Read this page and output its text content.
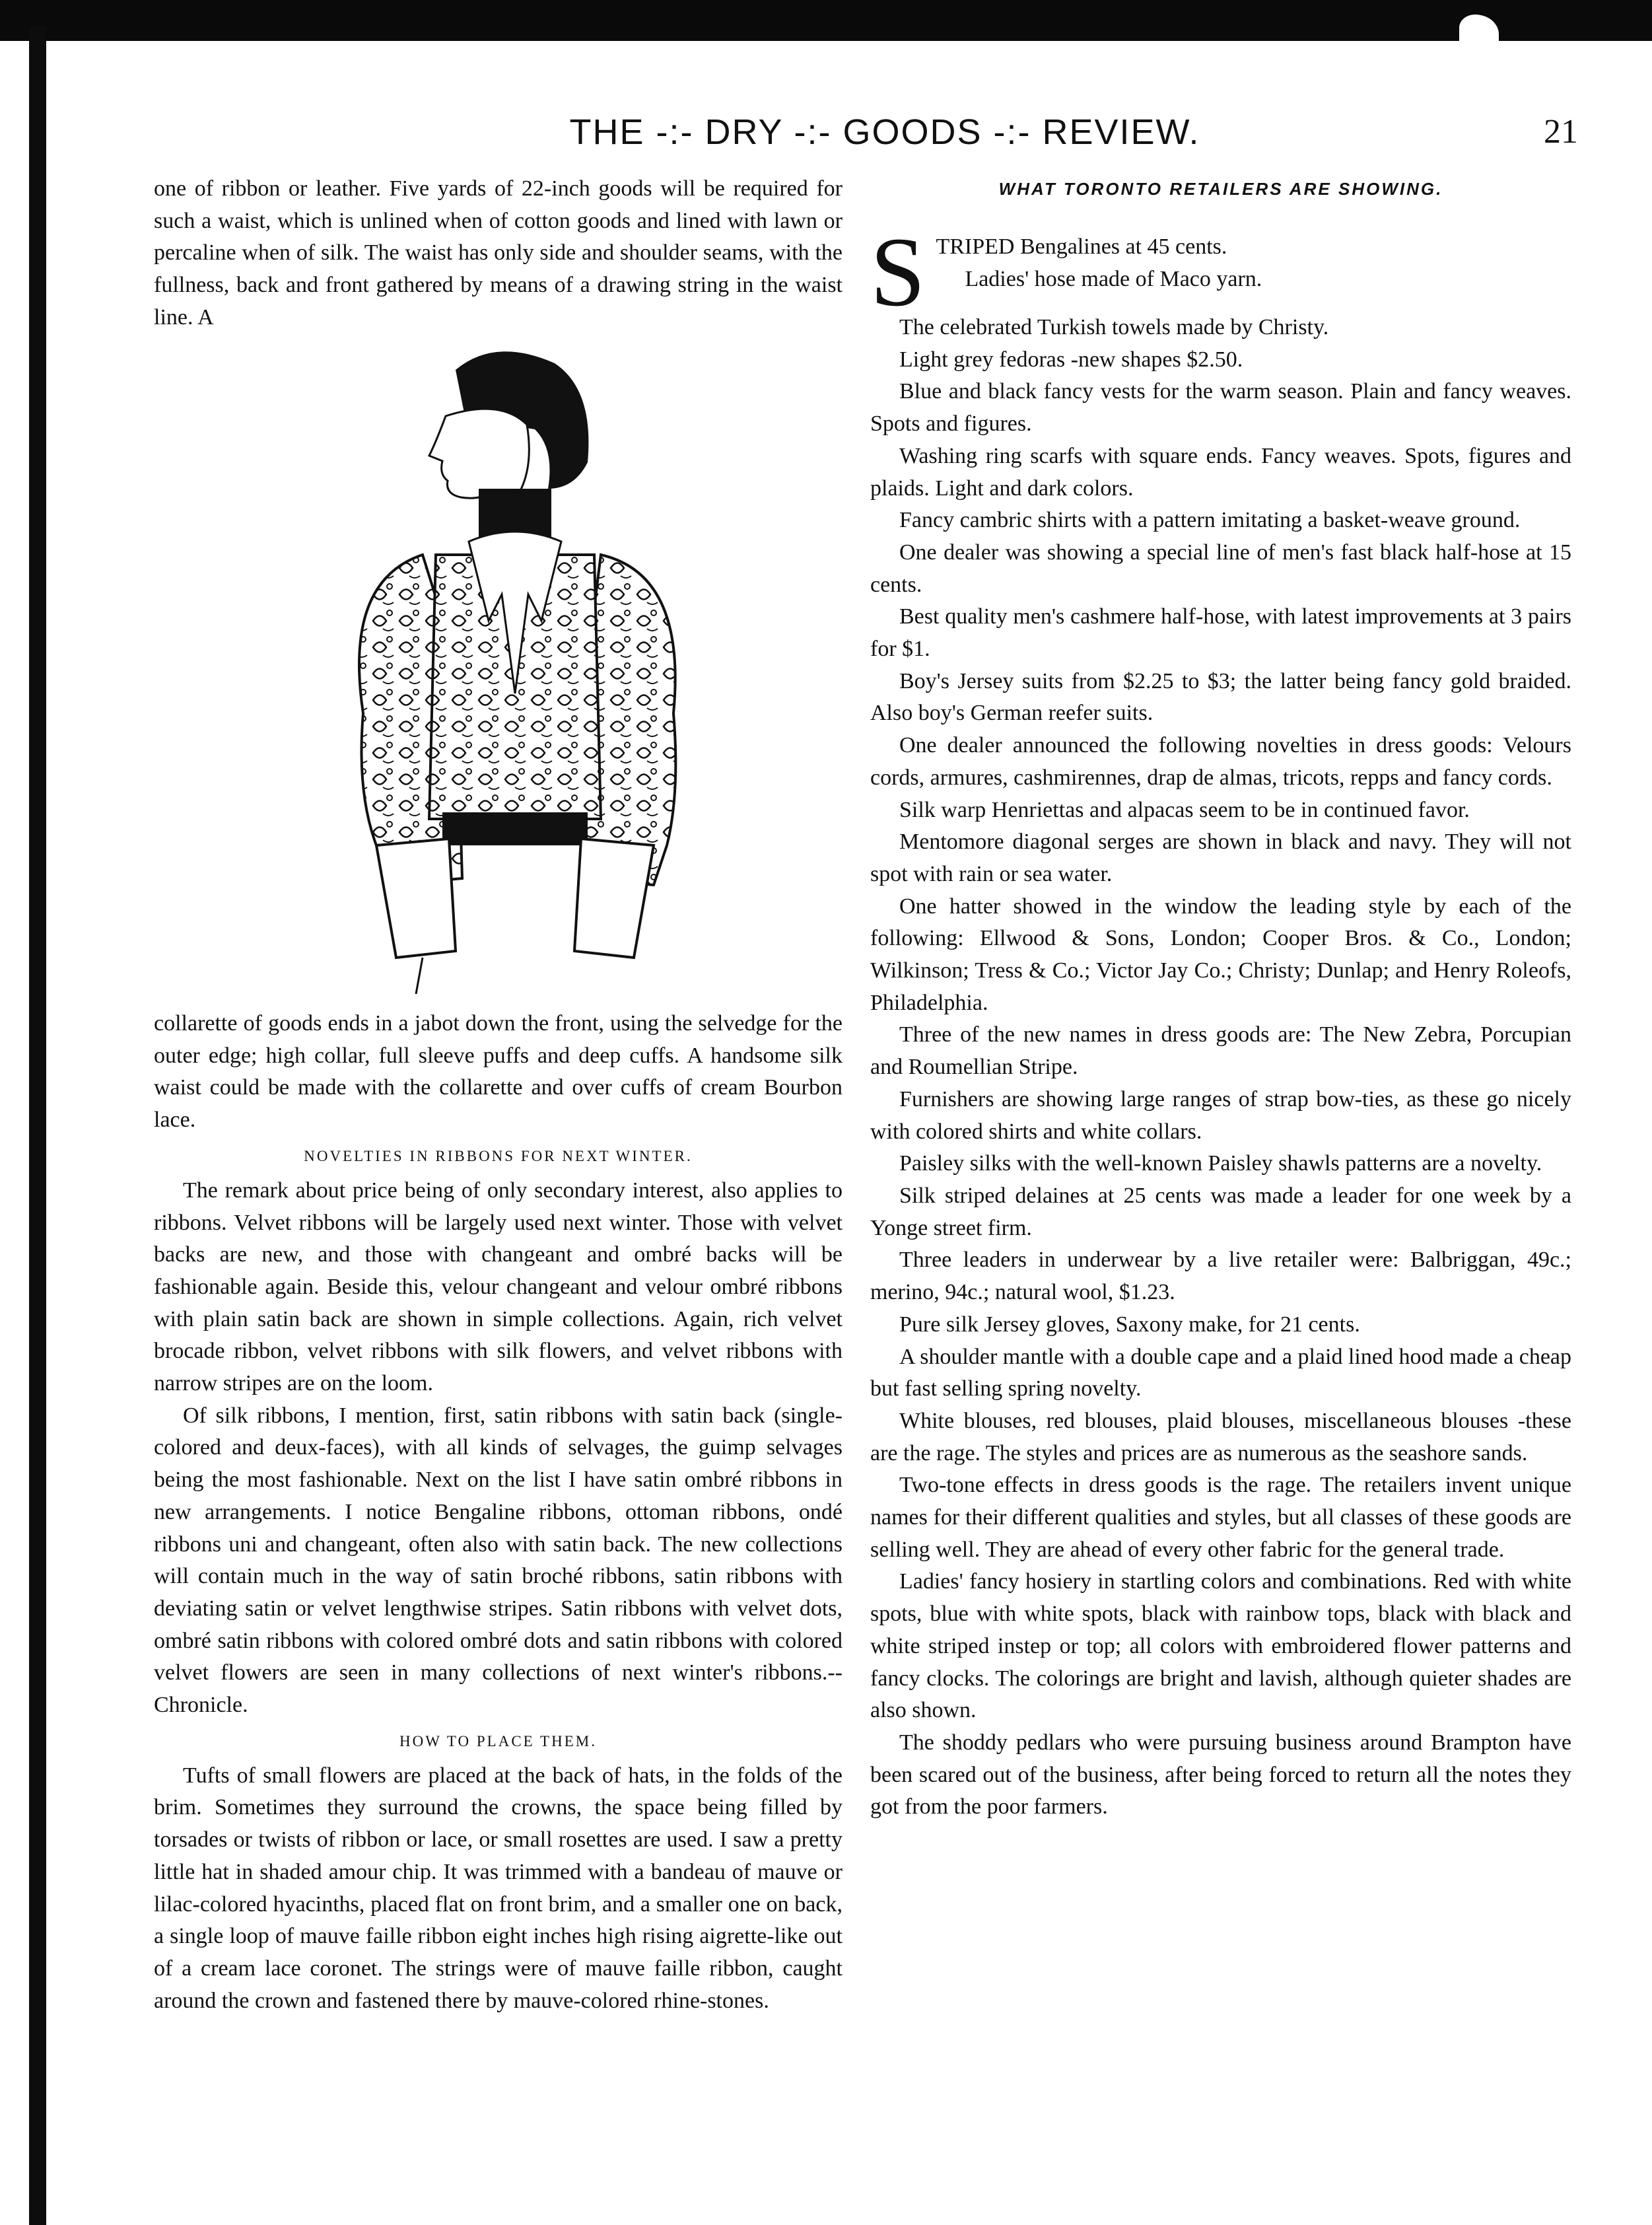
THE -:- DRY -:- GOODS -:- REVIEW.	21

one of ribbon or leather. Five yards of 22-inch goods will be required for such a waist, which is unlined when of cotton goods and lined with lawn or percaline when of silk. The waist has only side and shoulder seams, with the fullness, back and front gathered by means of a drawing string in the waist line. A

collarette of goods ends in a jabot down the front, using the selvedge for the outer edge; high collar, full sleeve puffs and deep cuffs. A handsome silk waist could be made with the collarette and over cuffs of cream Bourbon lace.

NOVELTIES IN RIBBONS FOR NEXT WINTER.

The remark about price being of only secondary interest, also applies to ribbons. Velvet ribbons will be largely used next winter. Those with velvet backs are new, and those with changeant and ombré backs will be fashionable again. Beside this, velour changeant and velour ombré ribbons with plain satin back are shown in simple collections. Again, rich velvet brocade ribbon, velvet ribbons with silk flowers, and velvet ribbons with narrow stripes are on the loom.

Of silk ribbons, I mention, first, satin ribbons with satin back (single-colored and deux-faces), with all kinds of selvages, the guimp selvages being the most fashionable. Next on the list I have satin ombré ribbons in new arrangements. I notice Bengaline ribbons, ottoman ribbons, ondé ribbons uni and changeant, often also with satin back. The new collections will contain much in the way of satin broché ribbons, satin ribbons with deviating satin or velvet lengthwise stripes. Satin ribbons with velvet dots, ombré satin ribbons with colored ombré dots and satin ribbons with colored velvet flowers are seen in many collections of next winter's ribbons.--Chronicle.

HOW TO PLACE THEM.

Tufts of small flowers are placed at the back of hats, in the folds of the brim. Sometimes they surround the crowns, the space being filled by torsades or twists of ribbon or lace, or small rosettes are used. I saw a pretty little hat in shaded amour chip. It was trimmed with a bandeau of mauve or lilac-colored hyacinths, placed flat on front brim, and a smaller one on back, a single loop of mauve faille ribbon eight inches high rising aigrette-like out of a cream lace coronet. The strings were of mauve faille ribbon, caught around the crown and fastened there by mauve-colored rhine-stones.

WHAT TORONTO RETAILERS ARE SHOWING.

STRIPED Bengalines at 45 cents.

Ladies' hose made of Maco yarn.

The celebrated Turkish towels made by Christy.

Light grey fedoras -new shapes $2.50.

Blue and black fancy vests for the warm season. Plain and fancy weaves. Spots and figures.

Washing ring scarfs with square ends. Fancy weaves. Spots, figures and plaids. Light and dark colors.

Fancy cambric shirts with a pattern imitating a basket-weave ground.

One dealer was showing a special line of men's fast black half-hose at 15 cents.

Best quality men's cashmere half-hose, with latest improvements at 3 pairs for $1.

Boy's Jersey suits from $2.25 to $3; the latter being fancy gold braided. Also boy's German reefer suits.

One dealer announced the following novelties in dress goods: Velours cords, armures, cashmirennes, drap de almas, tricots, repps and fancy cords.

Silk warp Henriettas and alpacas seem to be in continued favor.

Mentomore diagonal serges are shown in black and navy. They will not spot with rain or sea water.

One hatter showed in the window the leading style by each of the following: Ellwood & Sons, London; Cooper Bros. & Co., London; Wilkinson; Tress & Co.; Victor Jay Co.; Christy; Dunlap; and Henry Roleofs, Philadelphia.

Three of the new names in dress goods are: The New Zebra, Porcupian and Roumellian Stripe.

Furnishers are showing large ranges of strap bow-ties, as these go nicely with colored shirts and white collars.

Paisley silks with the well-known Paisley shawls patterns are a novelty.

Silk striped delaines at 25 cents was made a leader for one week by a Yonge street firm.

Three leaders in underwear by a live retailer were: Balbriggan, 49c.; merino, 94c.; natural wool, $1.23.

Pure silk Jersey gloves, Saxony make, for 21 cents.

A shoulder mantle with a double cape and a plaid lined hood made a cheap but fast selling spring novelty.

White blouses, red blouses, plaid blouses, miscellaneous blouses -these are the rage. The styles and prices are as numerous as the seashore sands.

Two-tone effects in dress goods is the rage. The retailers invent unique names for their different qualities and styles, but all classes of these goods are selling well. They are ahead of every other fabric for the general trade.

Ladies' fancy hosiery in startling colors and combinations. Red with white spots, blue with white spots, black with rainbow tops, black with black and white striped instep or top; all colors with embroidered flower patterns and fancy clocks. The colorings are bright and lavish, although quieter shades are also shown.

The shoddy pedlars who were pursuing business around Brampton have been scared out of the business, after being forced to return all the notes they got from the poor farmers.
